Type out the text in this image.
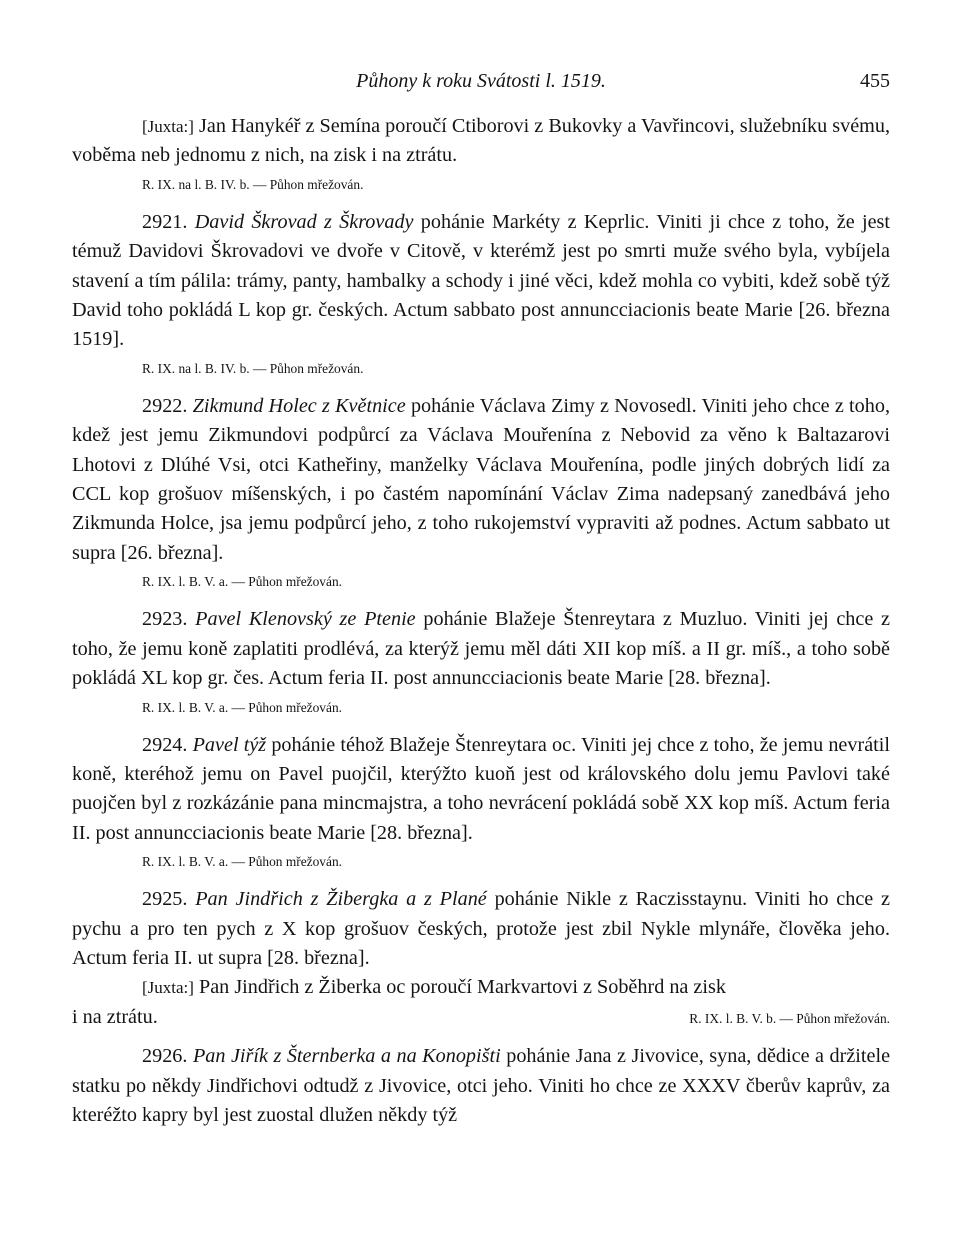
Půhony k roku Svátosti l. 1519.	455

[Juxta:] Jan Hanykéř z Semína poroučí Ctiborovi z Bukovky a Vavřincovi, služebníku svému, voběma neb jednomu z nich, na zisk i na ztrátu.

R. IX. na l. B. IV. b. — Půhon mřežován.

2921. David Škrovad z Škrovady pohánie Markéty z Keprlic. Viniti ji chce z toho, že jest témuž Davidovi Škrovadovi ve dvoře v Citově, v kterémž jest po smrti muže svého byla, vybíjela stavení a tím pálila: trámy, panty, hambalky a schody i jiné věci, kdež mohla co vybiti, kdež sobě týž David toho pokládá L kop gr. českých. Actum sabbato post annuncciacionis beate Marie [26. března 1519].

R. IX. na l. B. IV. b. — Půhon mřežován.

2922. Zikmund Holec z Květnice pohánie Václava Zimy z Novosedl. Viniti jeho chce z toho, kdež jest jemu Zikmundovi podpůrcí za Václava Mouřenína z Nebovid za věno k Baltazarovi Lhotovi z Dlúhé Vsi, otci Katheřiny, manželky Václava Mouřenína, podle jiných dobrých lidí za CCL kop grošuov míšenských, i po častém napomínání Václav Zima nadepsaný zanedbává jeho Zikmunda Holce, jsa jemu podpůrcí jeho, z toho rukojemství vypraviti až podnes. Actum sabbato ut supra [26. března].

R. IX. l. B. V. a. — Půhon mřežován.

2923. Pavel Klenovský ze Ptenie pohánie Blažeje Štenreytara z Muzluo. Viniti jej chce z toho, že jemu koně zaplatiti prodlévá, za kterýž jemu měl dáti XII kop míš. a II gr. míš., a toho sobě pokládá XL kop gr. čes. Actum feria II. post annuncciacionis beate Marie [28. března].

R. IX. l. B. V. a. — Půhon mřežován.

2924. Pavel týž pohánie téhož Blažeje Štenreytara oc. Viniti jej chce z toho, že jemu nevrátil koně, kteréhož jemu on Pavel puojčil, kterýžto kuoň jest od královského dolu jemu Pavlovi také puojčen byl z rozkázánie pana mincmajstra, a toho nevrácení pokládá sobě XX kop míš. Actum feria II. post annuncciacionis beate Marie [28. března].

R. IX. l. B. V. a. — Půhon mřežován.

2925. Pan Jindřich z Žibergka a z Plané pohánie Nikle z Raczisstaynu. Viniti ho chce z pychu a pro ten pych z X kop grošuov českých, protože jest zbil Nykle mlynáře, člověka jeho. Actum feria II. ut supra [28. března].

[Juxta:] Pan Jindřich z Žiberka oc poroučí Markvartovi z Soběhrd na zisk

i na ztrátu.	R. IX. l. B. V. b. — Půhon mřežován.

2926. Pan Jiřík z Šternberka a na Konopišti pohánie Jana z Jivovice, syna, dědice a držitele statku po někdy Jindřichovi odtudž z Jivovice, otci jeho. Viniti ho chce ze XXXV čberův kaprův, za kteréžto kapry byl jest zuostal dlužen někdy týž
